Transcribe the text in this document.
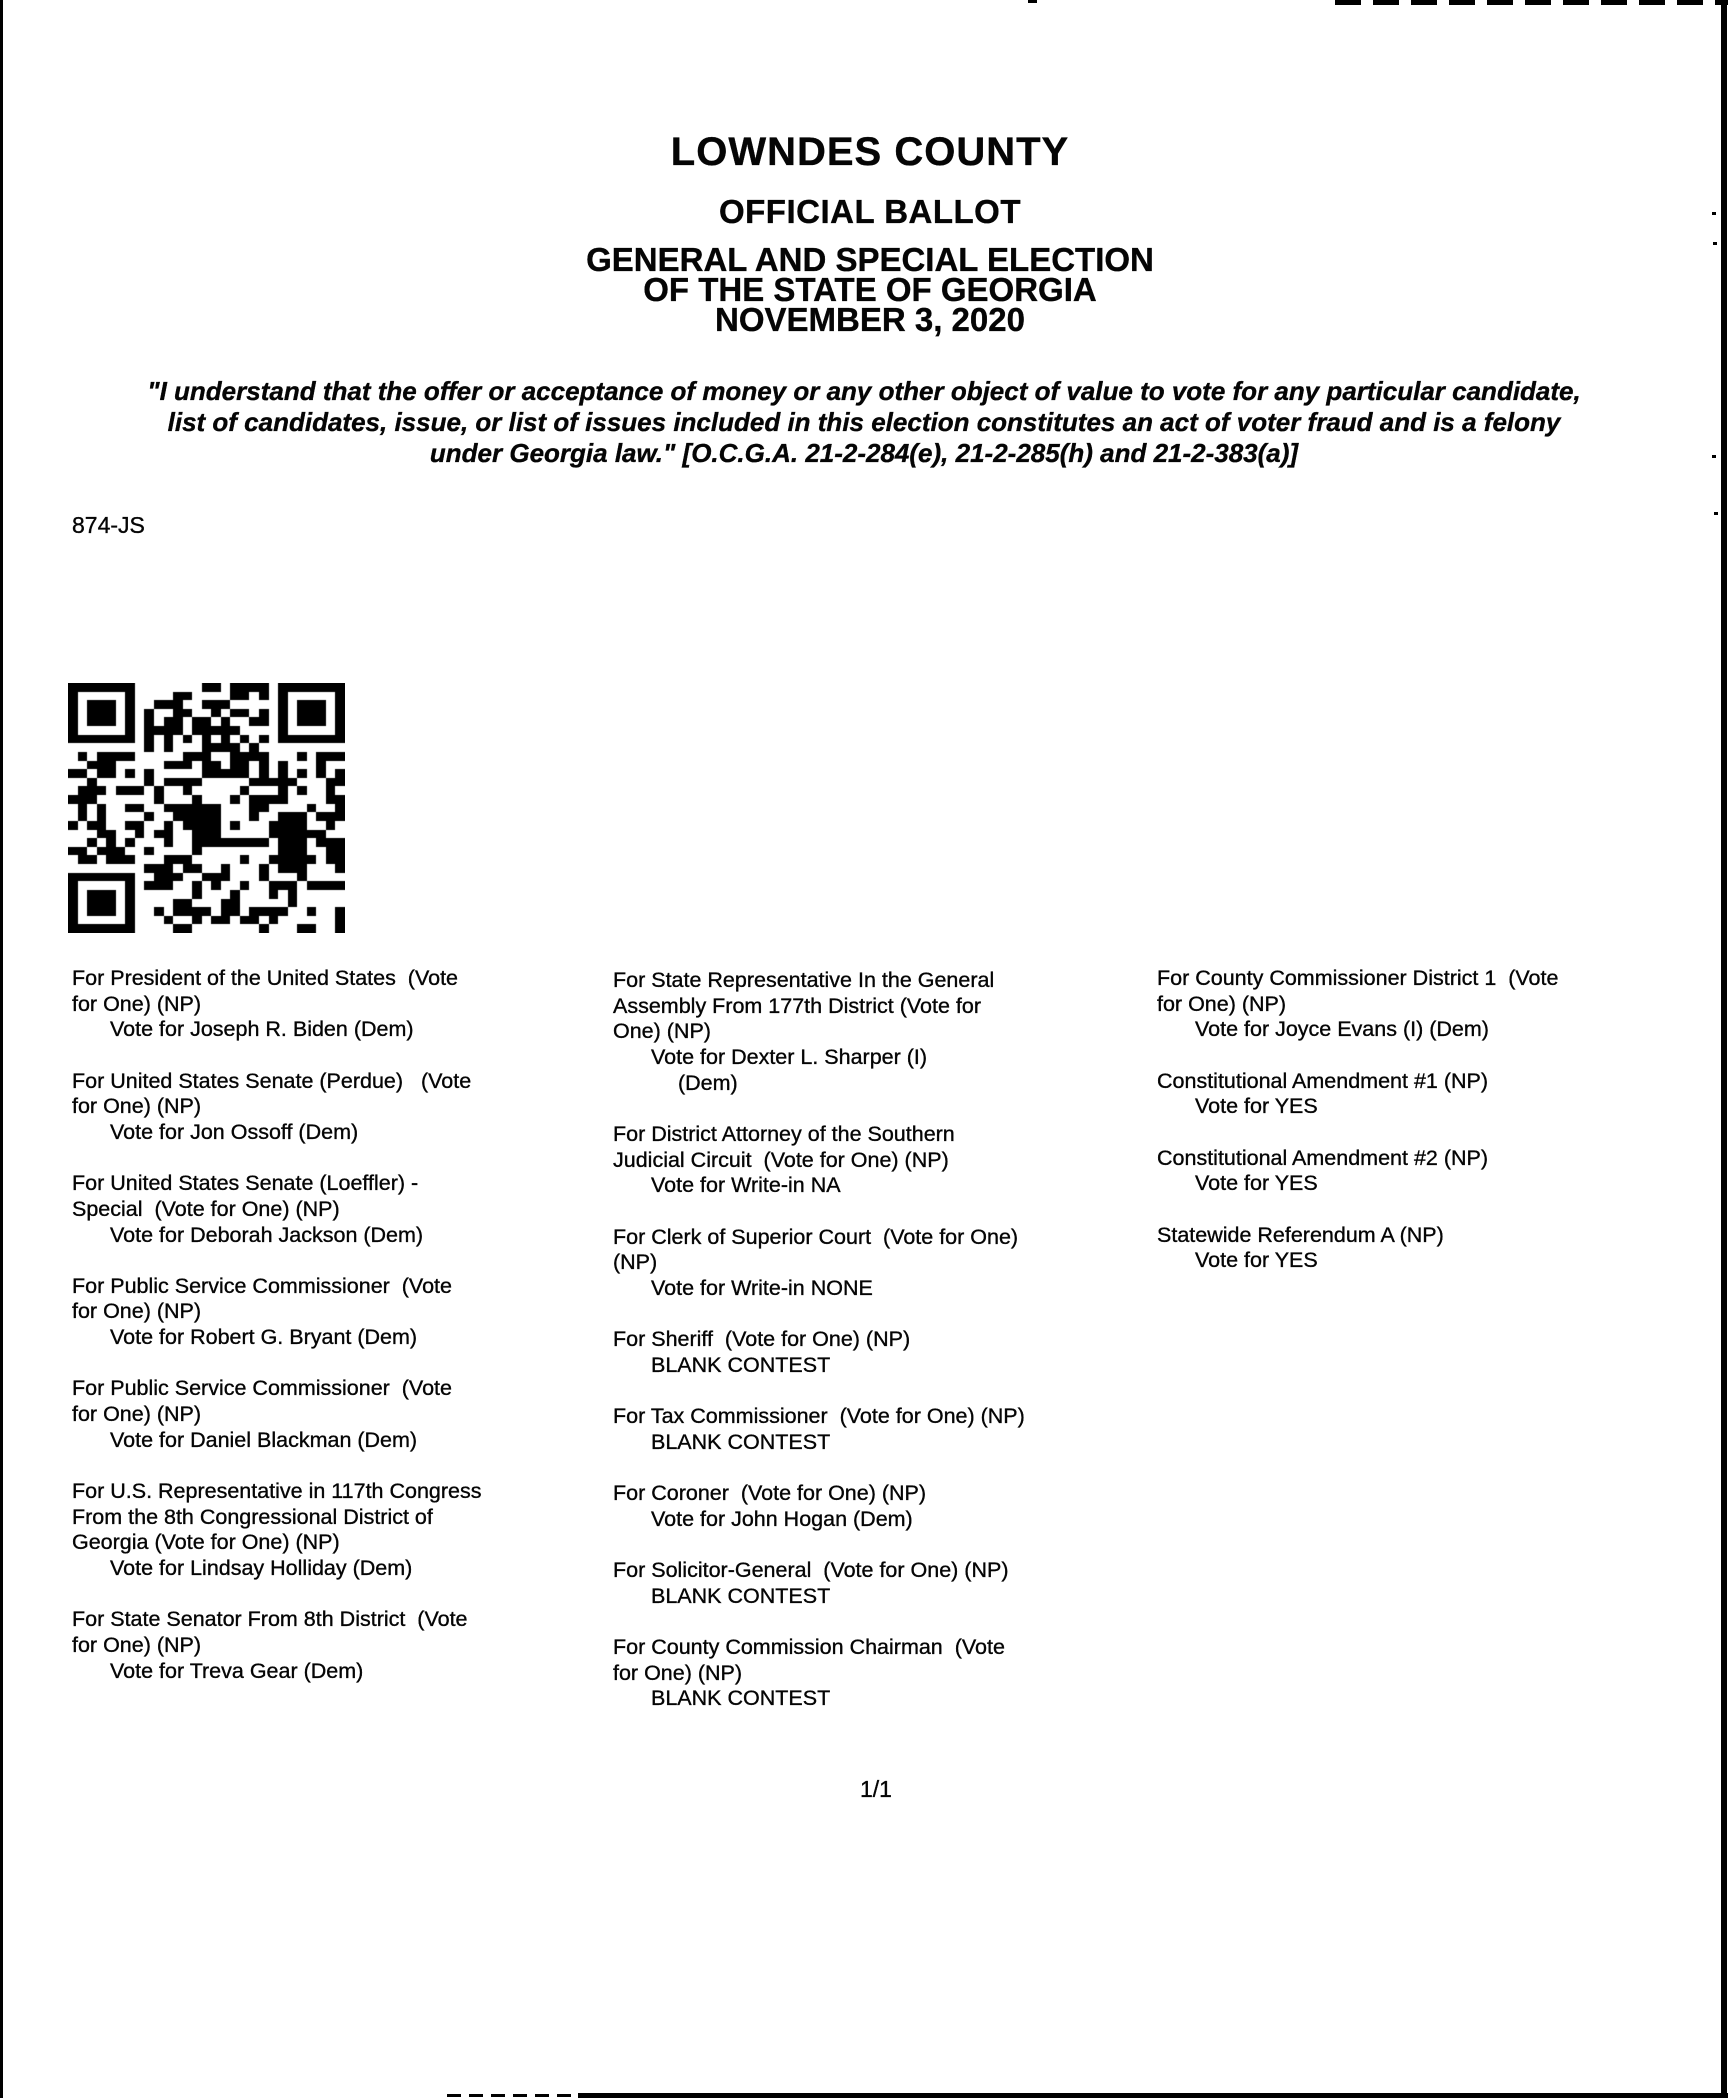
LOWNDES COUNTY
OFFICIAL BALLOT
GENERAL AND SPECIAL ELECTION
OF THE STATE OF GEORGIA
NOVEMBER 3, 2020
"I understand that the offer or acceptance of money or any other object of value to vote for any particular candidate,
list of candidates, issue, or list of issues included in this election constitutes an act of voter fraud and is a felony
under Georgia law." [O.C.G.A. 21-2-284(e), 21-2-285(h) and 21-2-383(a)]
874-JS
For President of the United States  (Vote
for One) (NP)
Vote for Joseph R. Biden (Dem)
For United States Senate (Perdue)   (Vote
for One) (NP)
Vote for Jon Ossoff (Dem)
For United States Senate (Loeffler) -
Special  (Vote for One) (NP)
Vote for Deborah Jackson (Dem)
For Public Service Commissioner  (Vote
for One) (NP)
Vote for Robert G. Bryant (Dem)
For Public Service Commissioner  (Vote
for One) (NP)
Vote for Daniel Blackman (Dem)
For U.S. Representative in 117th Congress
From the 8th Congressional District of
Georgia (Vote for One) (NP)
Vote for Lindsay Holliday (Dem)
For State Senator From 8th District  (Vote
for One) (NP)
Vote for Treva Gear (Dem)
For State Representative In the General
Assembly From 177th District (Vote for
One) (NP)
Vote for Dexter L. Sharper (I)
(Dem)
For District Attorney of the Southern
Judicial Circuit  (Vote for One) (NP)
Vote for Write-in NA
For Clerk of Superior Court  (Vote for One)
(NP)
Vote for Write-in NONE
For Sheriff  (Vote for One) (NP)
BLANK CONTEST
For Tax Commissioner  (Vote for One) (NP)
BLANK CONTEST
For Coroner  (Vote for One) (NP)
Vote for John Hogan (Dem)
For Solicitor-General  (Vote for One) (NP)
BLANK CONTEST
For County Commission Chairman  (Vote
for One) (NP)
BLANK CONTEST
For County Commissioner District 1  (Vote
for One) (NP)
Vote for Joyce Evans (I) (Dem)
Constitutional Amendment #1 (NP)
Vote for YES
Constitutional Amendment #2 (NP)
Vote for YES
Statewide Referendum A (NP)
Vote for YES
1/1
